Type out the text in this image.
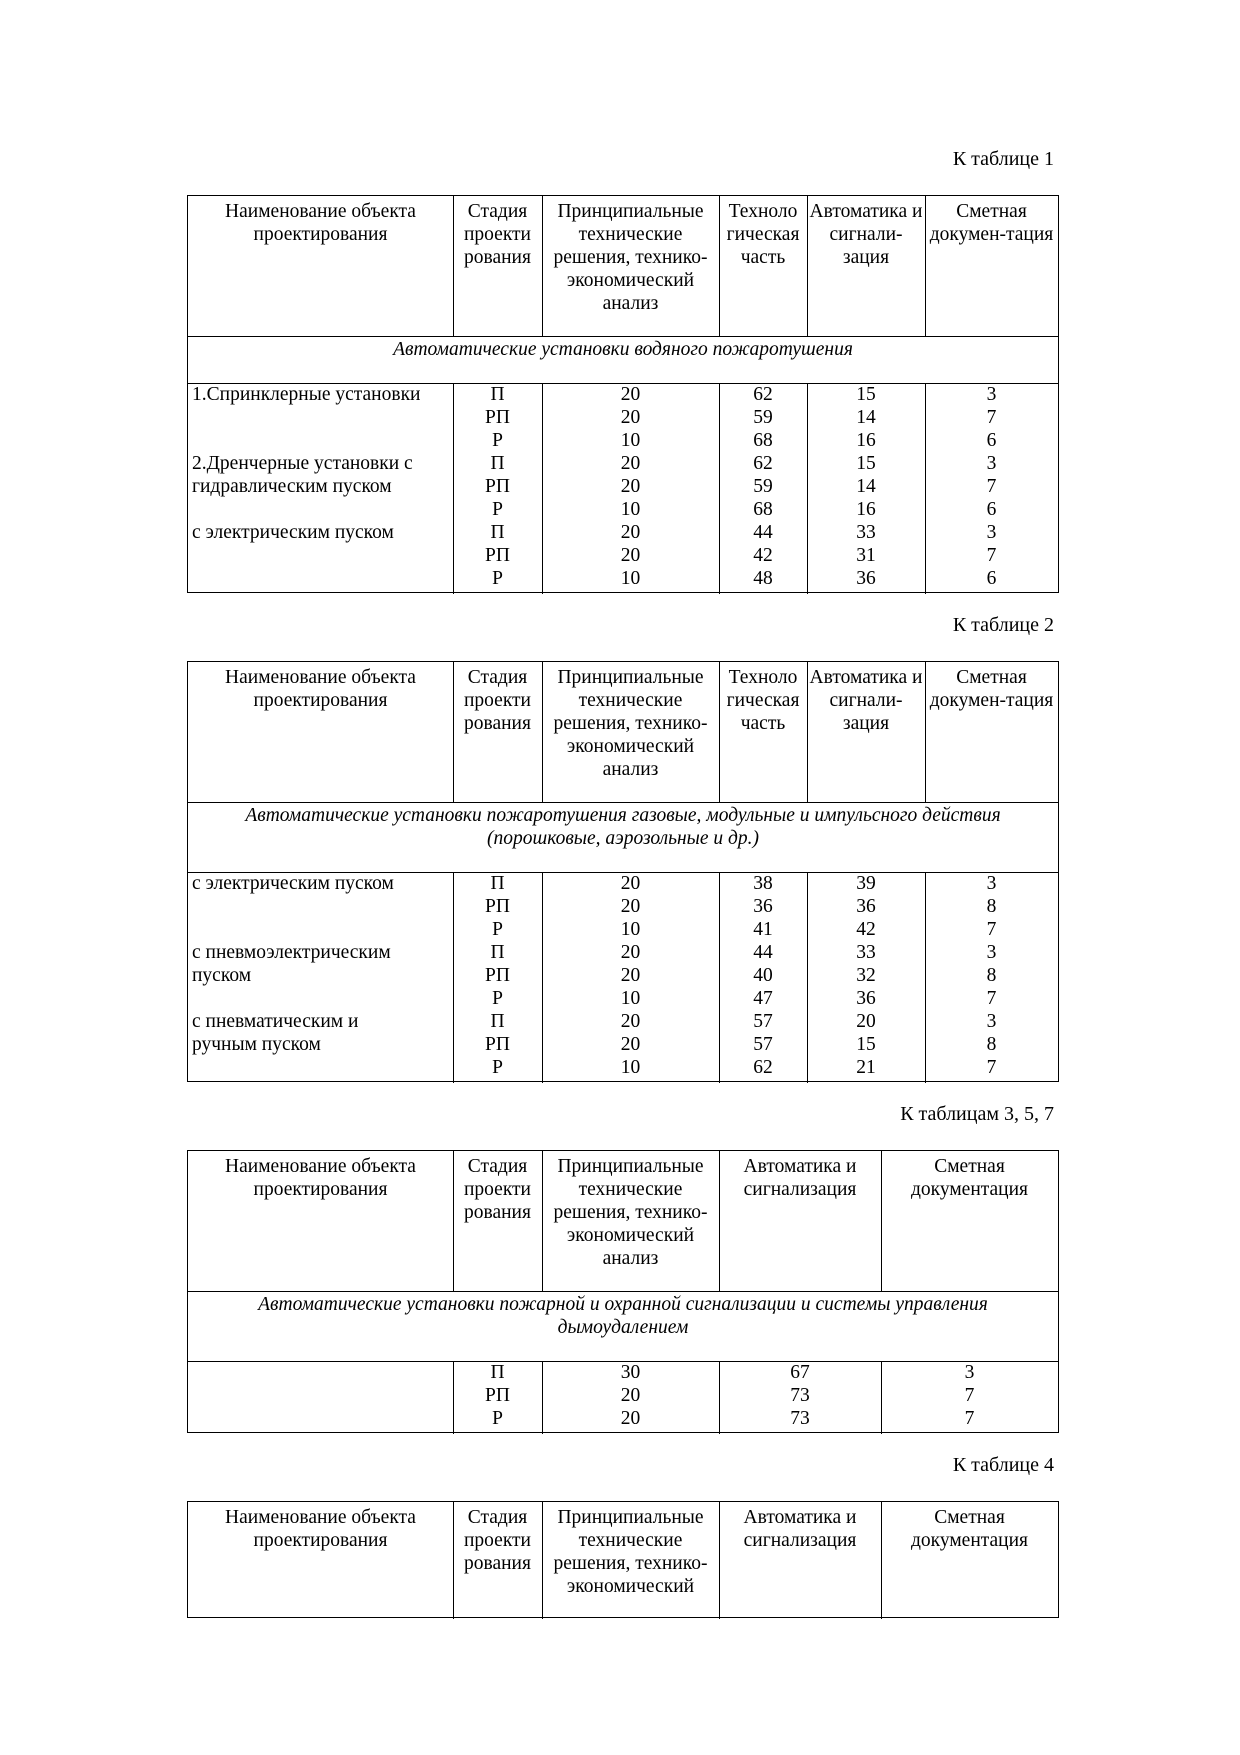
К таблице 1
Наименование объекта проектирования
Стадия проекти рования
Принципиальные технические решения, технико-экономический анализ
Техноло гическая часть
Автоматика и сигнали-зация
Сметная докумен-тация
Автоматические установки водяного пожаротушения
1.Спринклерные установки
2.Дренчерные установки с
гидравлическим пуском
с электрическим пуском
П
РП
Р
П
РП
Р
П
РП
Р
20
20
10
20
20
10
20
20
10
62
59
68
62
59
68
44
42
48
15
14
16
15
14
16
33
31
36
3
7
6
3
7
6
3
7
6
К таблице 2
Наименование объекта проектирования
Стадия проекти рования
Принципиальные технические решения, технико-экономический анализ
Техноло гическая часть
Автоматика и сигнали-зация
Сметная докумен-тация
Автоматические установки пожаротушения газовые, модульные и импульсного действия (порошковые, аэрозольные и др.)
с электрическим пуском
с пневмоэлектрическим
пуском
с пневматическим и
ручным пуском
П
РП
Р
П
РП
Р
П
РП
Р
20
20
10
20
20
10
20
20
10
38
36
41
44
40
47
57
57
62
39
36
42
33
32
36
20
15
21
3
8
7
3
8
7
3
8
7
К таблицам 3, 5, 7
Наименование объекта проектирования
Стадия проекти рования
Принципиальные технические решения, технико-экономический анализ
Автоматика и сигнализация
Сметная документация
Автоматические установки пожарной и охранной сигнализации и системы управления дымоудалением
П
РП
Р
30
20
20
67
73
73
3
7
7
К таблице 4
Наименование объекта проектирования
Стадия проекти рования
Принципиальные технические решения, технико-экономический
Автоматика и сигнализация
Сметная документация
